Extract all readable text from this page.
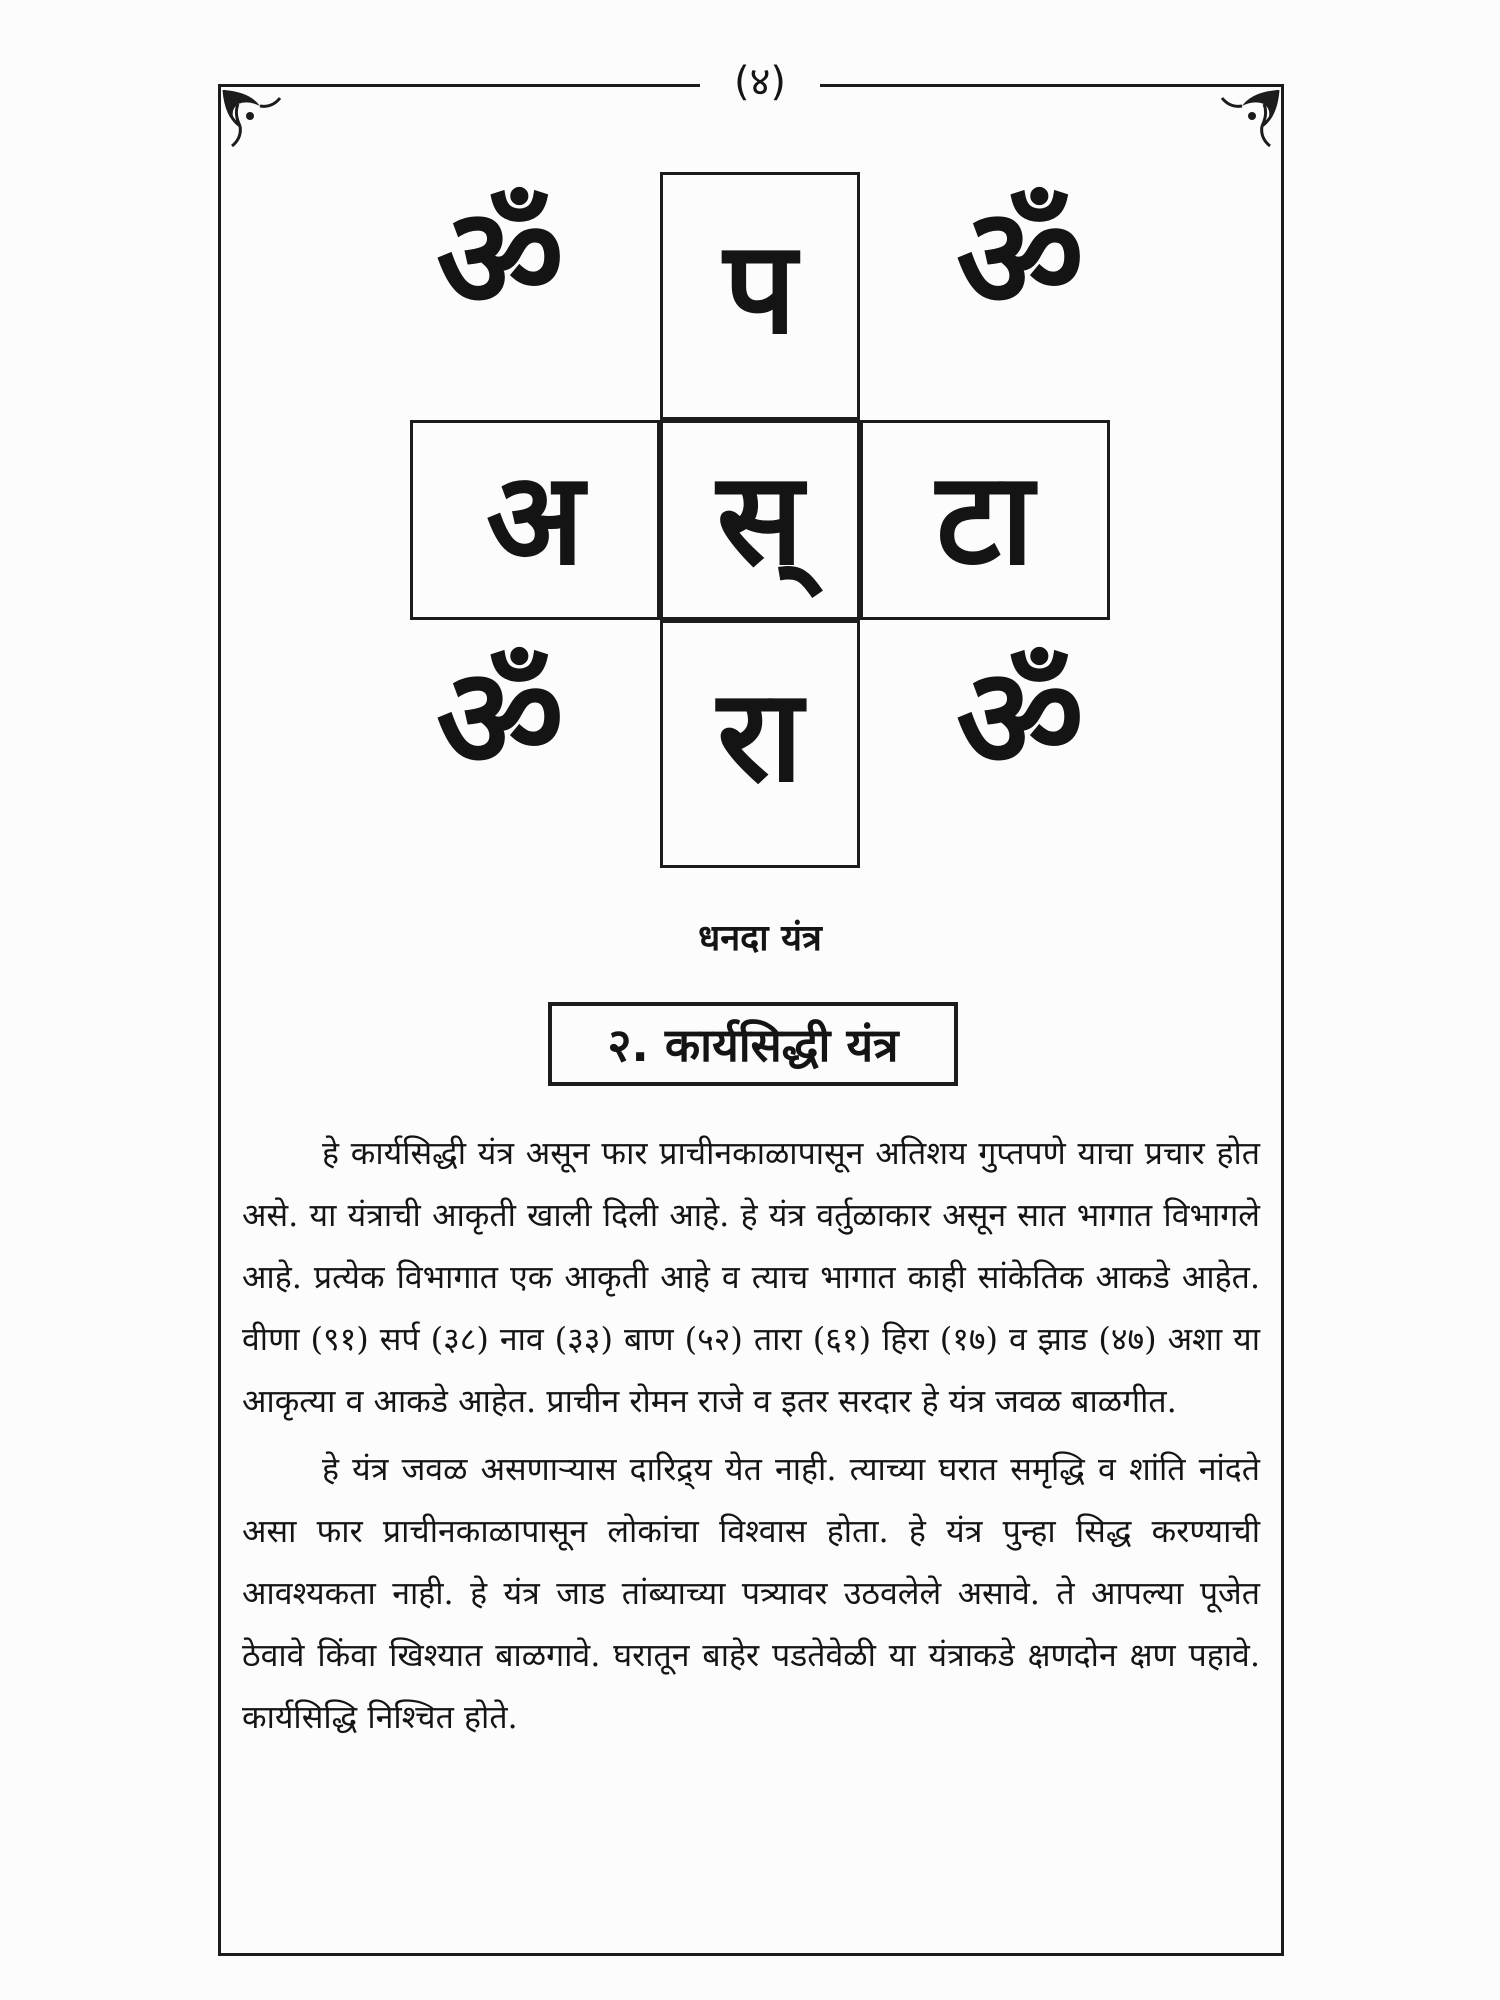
(४)
ॐ	प	ॐ
अ	स्	टा
ॐ	रा	ॐ
धनदा यंत्र
२. कार्यसिद्धी यंत्र

हे कार्यसिद्धी यंत्र असून फार प्राचीनकाळापासून अतिशय गुप्तपणे याचा प्रचार होत असे. या यंत्राची आकृती खाली दिली आहे. हे यंत्र वर्तुळाकार असून सात भागात विभागले आहे. प्रत्येक विभागात एक आकृती आहे व त्याच भागात काही सांकेतिक आकडे आहेत. वीणा (९१) सर्प (३८) नाव (३३) बाण (५२) तारा (६१) हिरा (१७) व झाड (४७) अशा या आकृत्या व आकडे आहेत. प्राचीन रोमन राजे व इतर सरदार हे यंत्र जवळ बाळगीत.

हे यंत्र जवळ असणाऱ्यास दारिद्र्य येत नाही. त्याच्या घरात समृद्धि व शांति नांदते असा फार प्राचीनकाळापासून लोकांचा विश्वास होता. हे यंत्र पुन्हा सिद्ध करण्याची आवश्यकता नाही. हे यंत्र जाड तांब्याच्या पत्र्यावर उठवलेले असावे. ते आपल्या पूजेत ठेवावे किंवा खिश्यात बाळगावे. घरातून बाहेर पडतेवेळी या यंत्राकडे क्षणदोन क्षण पहावे. कार्यसिद्धि निश्चित होते.
